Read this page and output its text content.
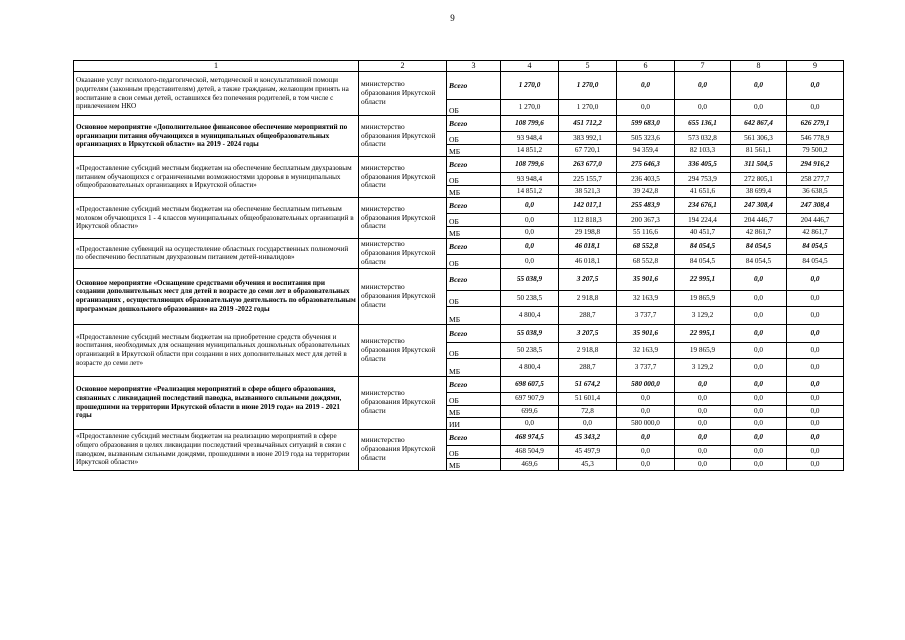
9
1	2	3	4	5	6	7	8	9
Оказание услуг психолого-педагогической, методической и консультативной помощи родителям (законным представителям) детей, а также гражданам, желающим принять на воспитание в свои семьи детей, оставшихся без попечения родителей, в том числе с привлечением НКО	министерство образования Иркутской области	Всего	1 270,0	1 270,0	0,0	0,0	0,0	0,0
		ОБ	1 270,0	1 270,0	0,0	0,0	0,0	0,0
Основное мероприятие «Дополнительное финансовое обеспечение мероприятий по организации питания обучающихся в муниципальных общеобразовательных организациях в Иркутской области» на 2019 - 2024 годы	министерство образования Иркутской области	Всего	108 799,6	451 712,2	599 683,0	655 136,1	642 867,4	626 279,1
		ОБ	93 948,4	383 992,1	505 323,6	573 032,8	561 306,3	546 778,9
		МБ	14 851,2	67 720,1	94 359,4	82 103,3	81 561,1	79 500,2
«Предоставление субсидий местным бюджетам на обеспечение бесплатным двухразовым питанием обучающихся с ограниченными возможностями здоровья в муниципальных общеобразовательных организациях в Иркутской области»	министерство образования Иркутской области	Всего	108 799,6	263 677,0	275 646,3	336 405,5	311 504,5	294 916,2
		ОБ	93 948,4	225 155,7	236 403,5	294 753,9	272 805,1	258 277,7
		МБ	14 851,2	38 521,3	39 242,8	41 651,6	38 699,4	36 638,5
«Предоставление субсидий местным бюджетам на обеспечение бесплатным питьевым молоком обучающихся 1 - 4 классов муниципальных общеобразовательных организаций в Иркутской области»	министерство образования Иркутской области	Всего	0,0	142 017,1	255 483,9	234 676,1	247 308,4	247 308,4
		ОБ	0,0	112 818,3	200 367,3	194 224,4	204 446,7	204 446,7
		МБ	0,0	29 198,8	55 116,6	40 451,7	42 861,7	42 861,7
«Предоставление субвенций на осуществление областных государственных полномочий по обеспечению бесплатным двухразовым питанием детей-инвалидов»	министерство образования Иркутской области	Всего	0,0	46 018,1	68 552,8	84 054,5	84 054,5	84 054,5
		ОБ	0,0	46 018,1	68 552,8	84 054,5	84 054,5	84 054,5
Основное мероприятие «Оснащение средствами обучения и воспитания при создании дополнительных мест для детей в возрасте до семи лет в образовательных организациях , осуществляющих образовательную деятельность по образовательным программам дошкольного образования» на 2019 -2022 годы	министерство образования Иркутской области	Всего	55 038,9	3 207,5	35 901,6	22 995,1	0,0	0,0
		ОБ	50 238,5	2 918,8	32 163,9	19 865,9	0,0	0,0
		МБ	4 800,4	288,7	3 737,7	3 129,2	0,0	0,0
«Предоставление субсидий местным бюджетам на приобретение средств обучения и воспитания, необходимых для оснащения муниципальных дошкольных образовательных организаций в Иркутской области при создании в них дополнительных мест для детей в возрасте до семи лет»	министерство образования Иркутской области	Всего	55 038,9	3 207,5	35 901,6	22 995,1	0,0	0,0
		ОБ	50 238,5	2 918,8	32 163,9	19 865,9	0,0	0,0
		МБ	4 800,4	288,7	3 737,7	3 129,2	0,0	0,0
Основное мероприятие «Реализация мероприятий в сфере общего образования, связанных с ликвидацией последствий паводка, вызванного сильными дождями, прошедшими на территории Иркутской области в июне 2019 года» на 2019 - 2021 годы	министерство образования Иркутской области	Всего	698 607,5	51 674,2	580 000,0	0,0	0,0	0,0
		ОБ	697 907,9	51 601,4	0,0	0,0	0,0	0,0
		МБ	699,6	72,8	0,0	0,0	0,0	0,0
		ИИ	0,0	0,0	580 000,0	0,0	0,0	0,0
«Предоставление субсидий местным бюджетам на реализацию мероприятий в сфере общего образования в целях ликвидации последствий чрезвычайных ситуаций в связи с паводком, вызванным сильными дождями, прошедшими в июне 2019 года на территории Иркутской области»	министерство образования Иркутской области	Всего	468 974,5	45 343,2	0,0	0,0	0,0	0,0
		ОБ	468 504,9	45 497,9	0,0	0,0	0,0	0,0
		МБ	469,6	45,3	0,0	0,0	0,0	0,0
